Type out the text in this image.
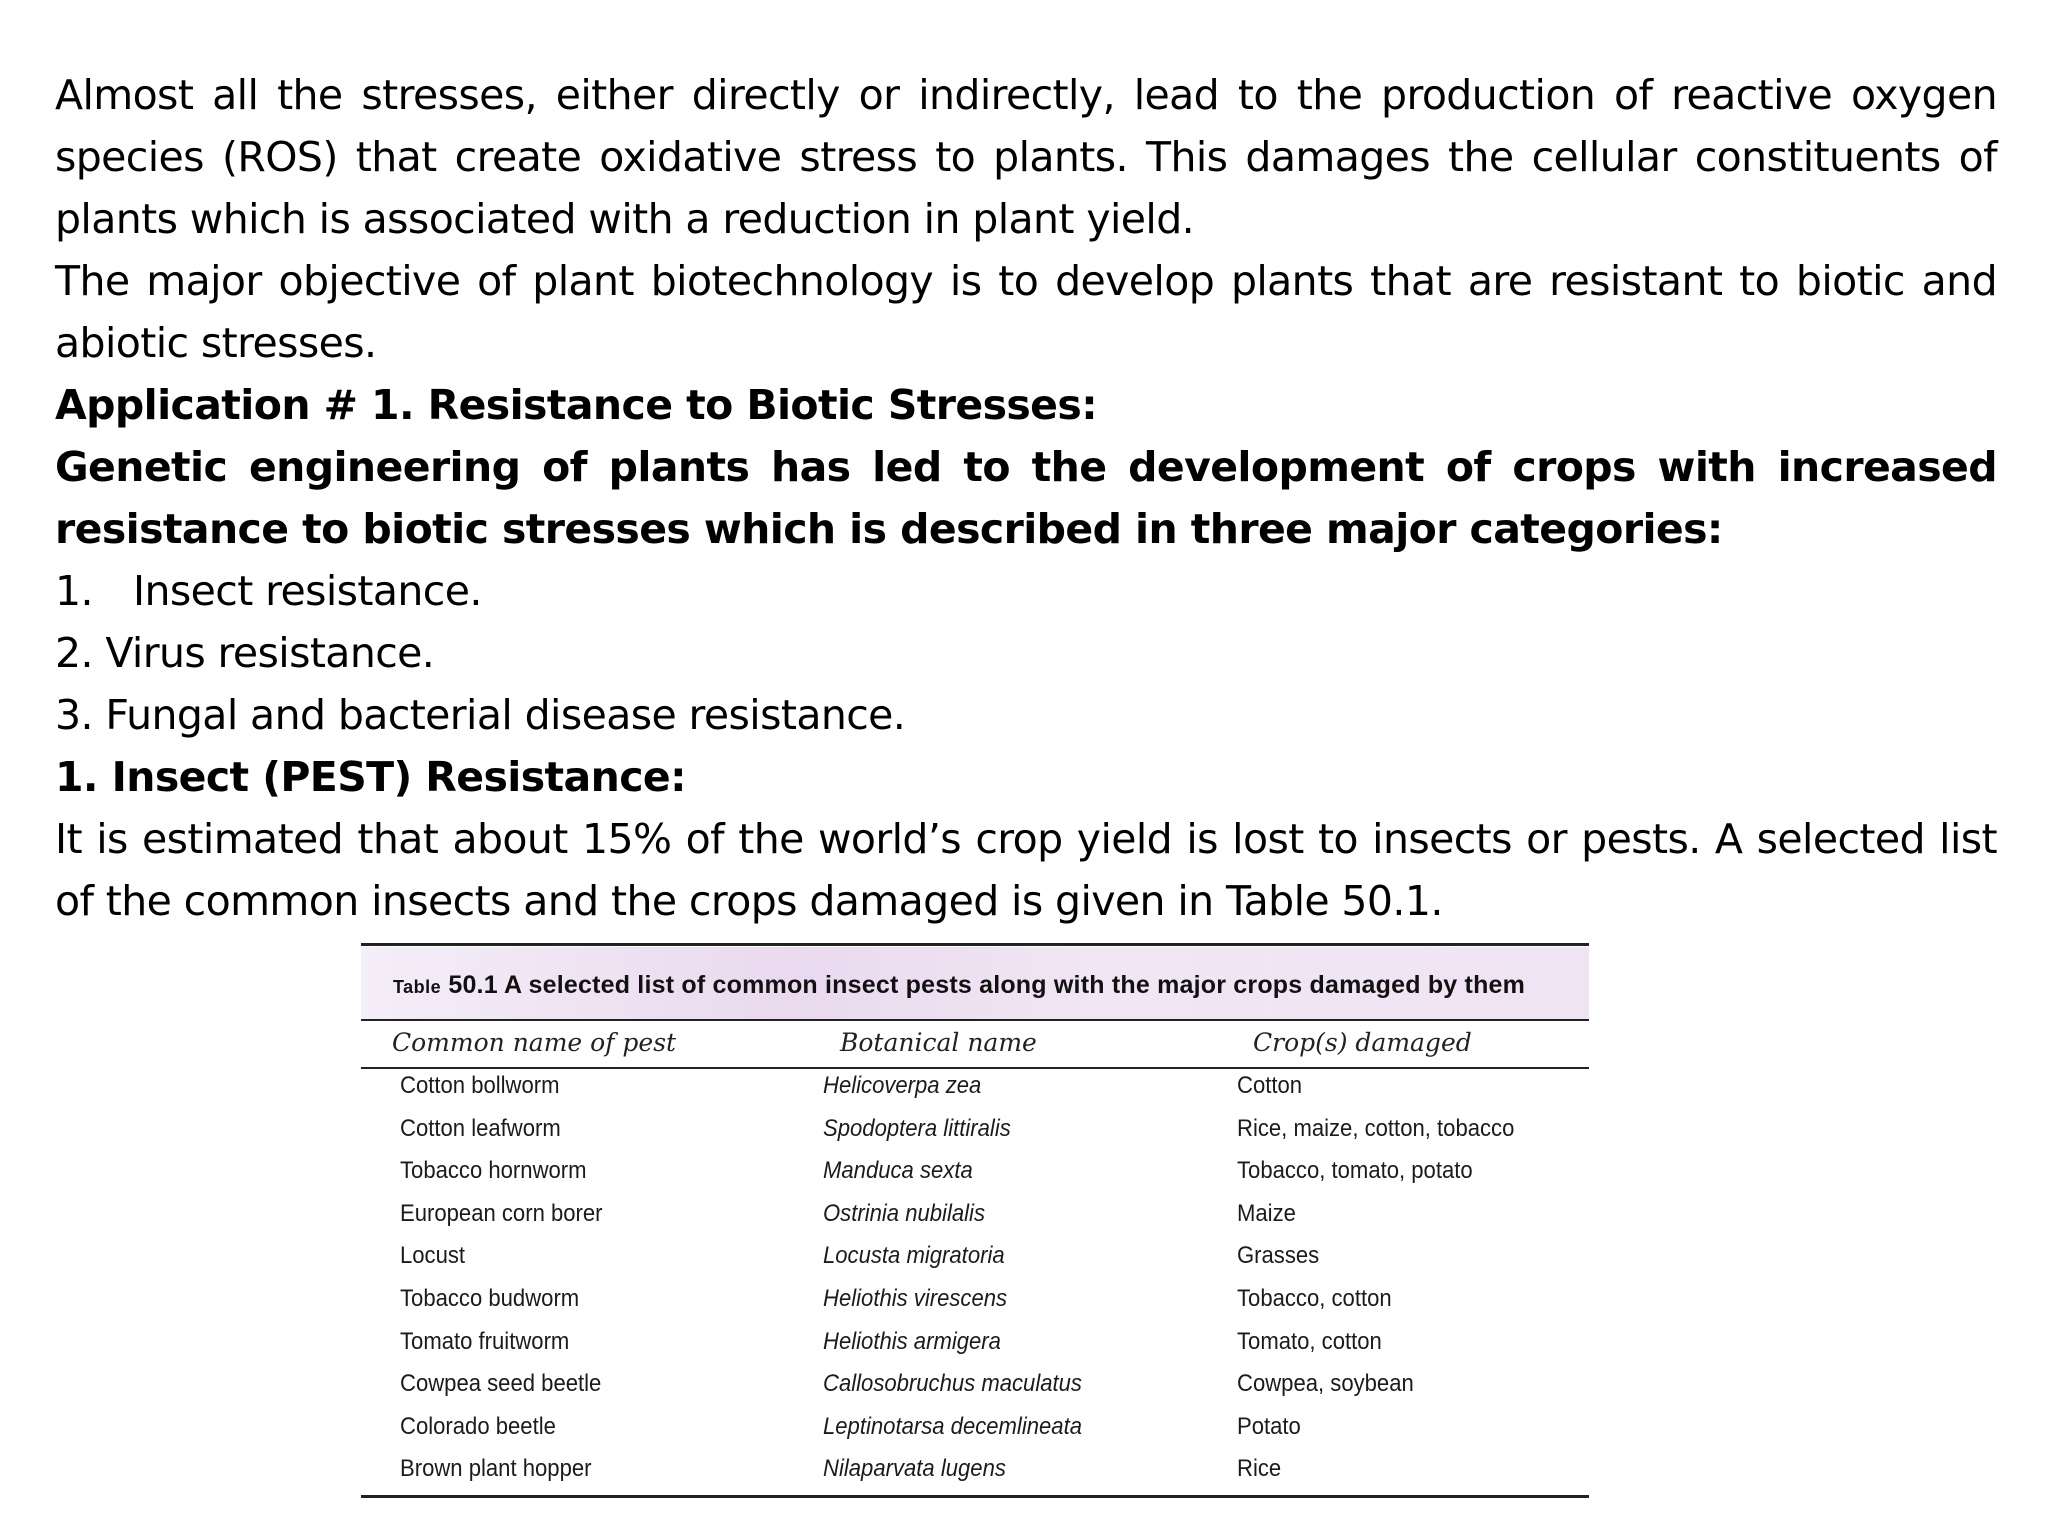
Almost all the stresses, either directly or indirectly, lead to the production of reactive oxygen species (ROS) that create oxidative stress to plants. This damages the cellular constituents of plants which is associated with a reduction in plant yield.

The major objective of plant biotechnology is to develop plants that are resistant to biotic and abiotic stresses.

Application # 1. Resistance to Biotic Stresses:

Genetic engineering of plants has led to the development of crops with increased resistance to biotic stresses which is described in three major categories:

1. Insect resistance.

2. Virus resistance.

3. Fungal and bacterial disease resistance.

1. Insect (PEST) Resistance:

It is estimated that about 15% of the world’s crop yield is lost to insects or pests. A selected list of the common insects and the crops damaged is given in Table 50.1.

Table 50.1 A selected list of common insect pests along with the major crops damaged by them
Common name of pest	Botanical name	Crop(s) damaged
Cotton bollworm	Helicoverpa zea	Cotton
Cotton leafworm	Spodoptera littiralis	Rice, maize, cotton, tobacco
Tobacco hornworm	Manduca sexta	Tobacco, tomato, potato
European corn borer	Ostrinia nubilalis	Maize
Locust	Locusta migratoria	Grasses
Tobacco budworm	Heliothis virescens	Tobacco, cotton
Tomato fruitworm	Heliothis armigera	Tomato, cotton
Cowpea seed beetle	Callosobruchus maculatus	Cowpea, soybean
Colorado beetle	Leptinotarsa decemlineata	Potato
Brown plant hopper	Nilaparvata lugens	Rice
